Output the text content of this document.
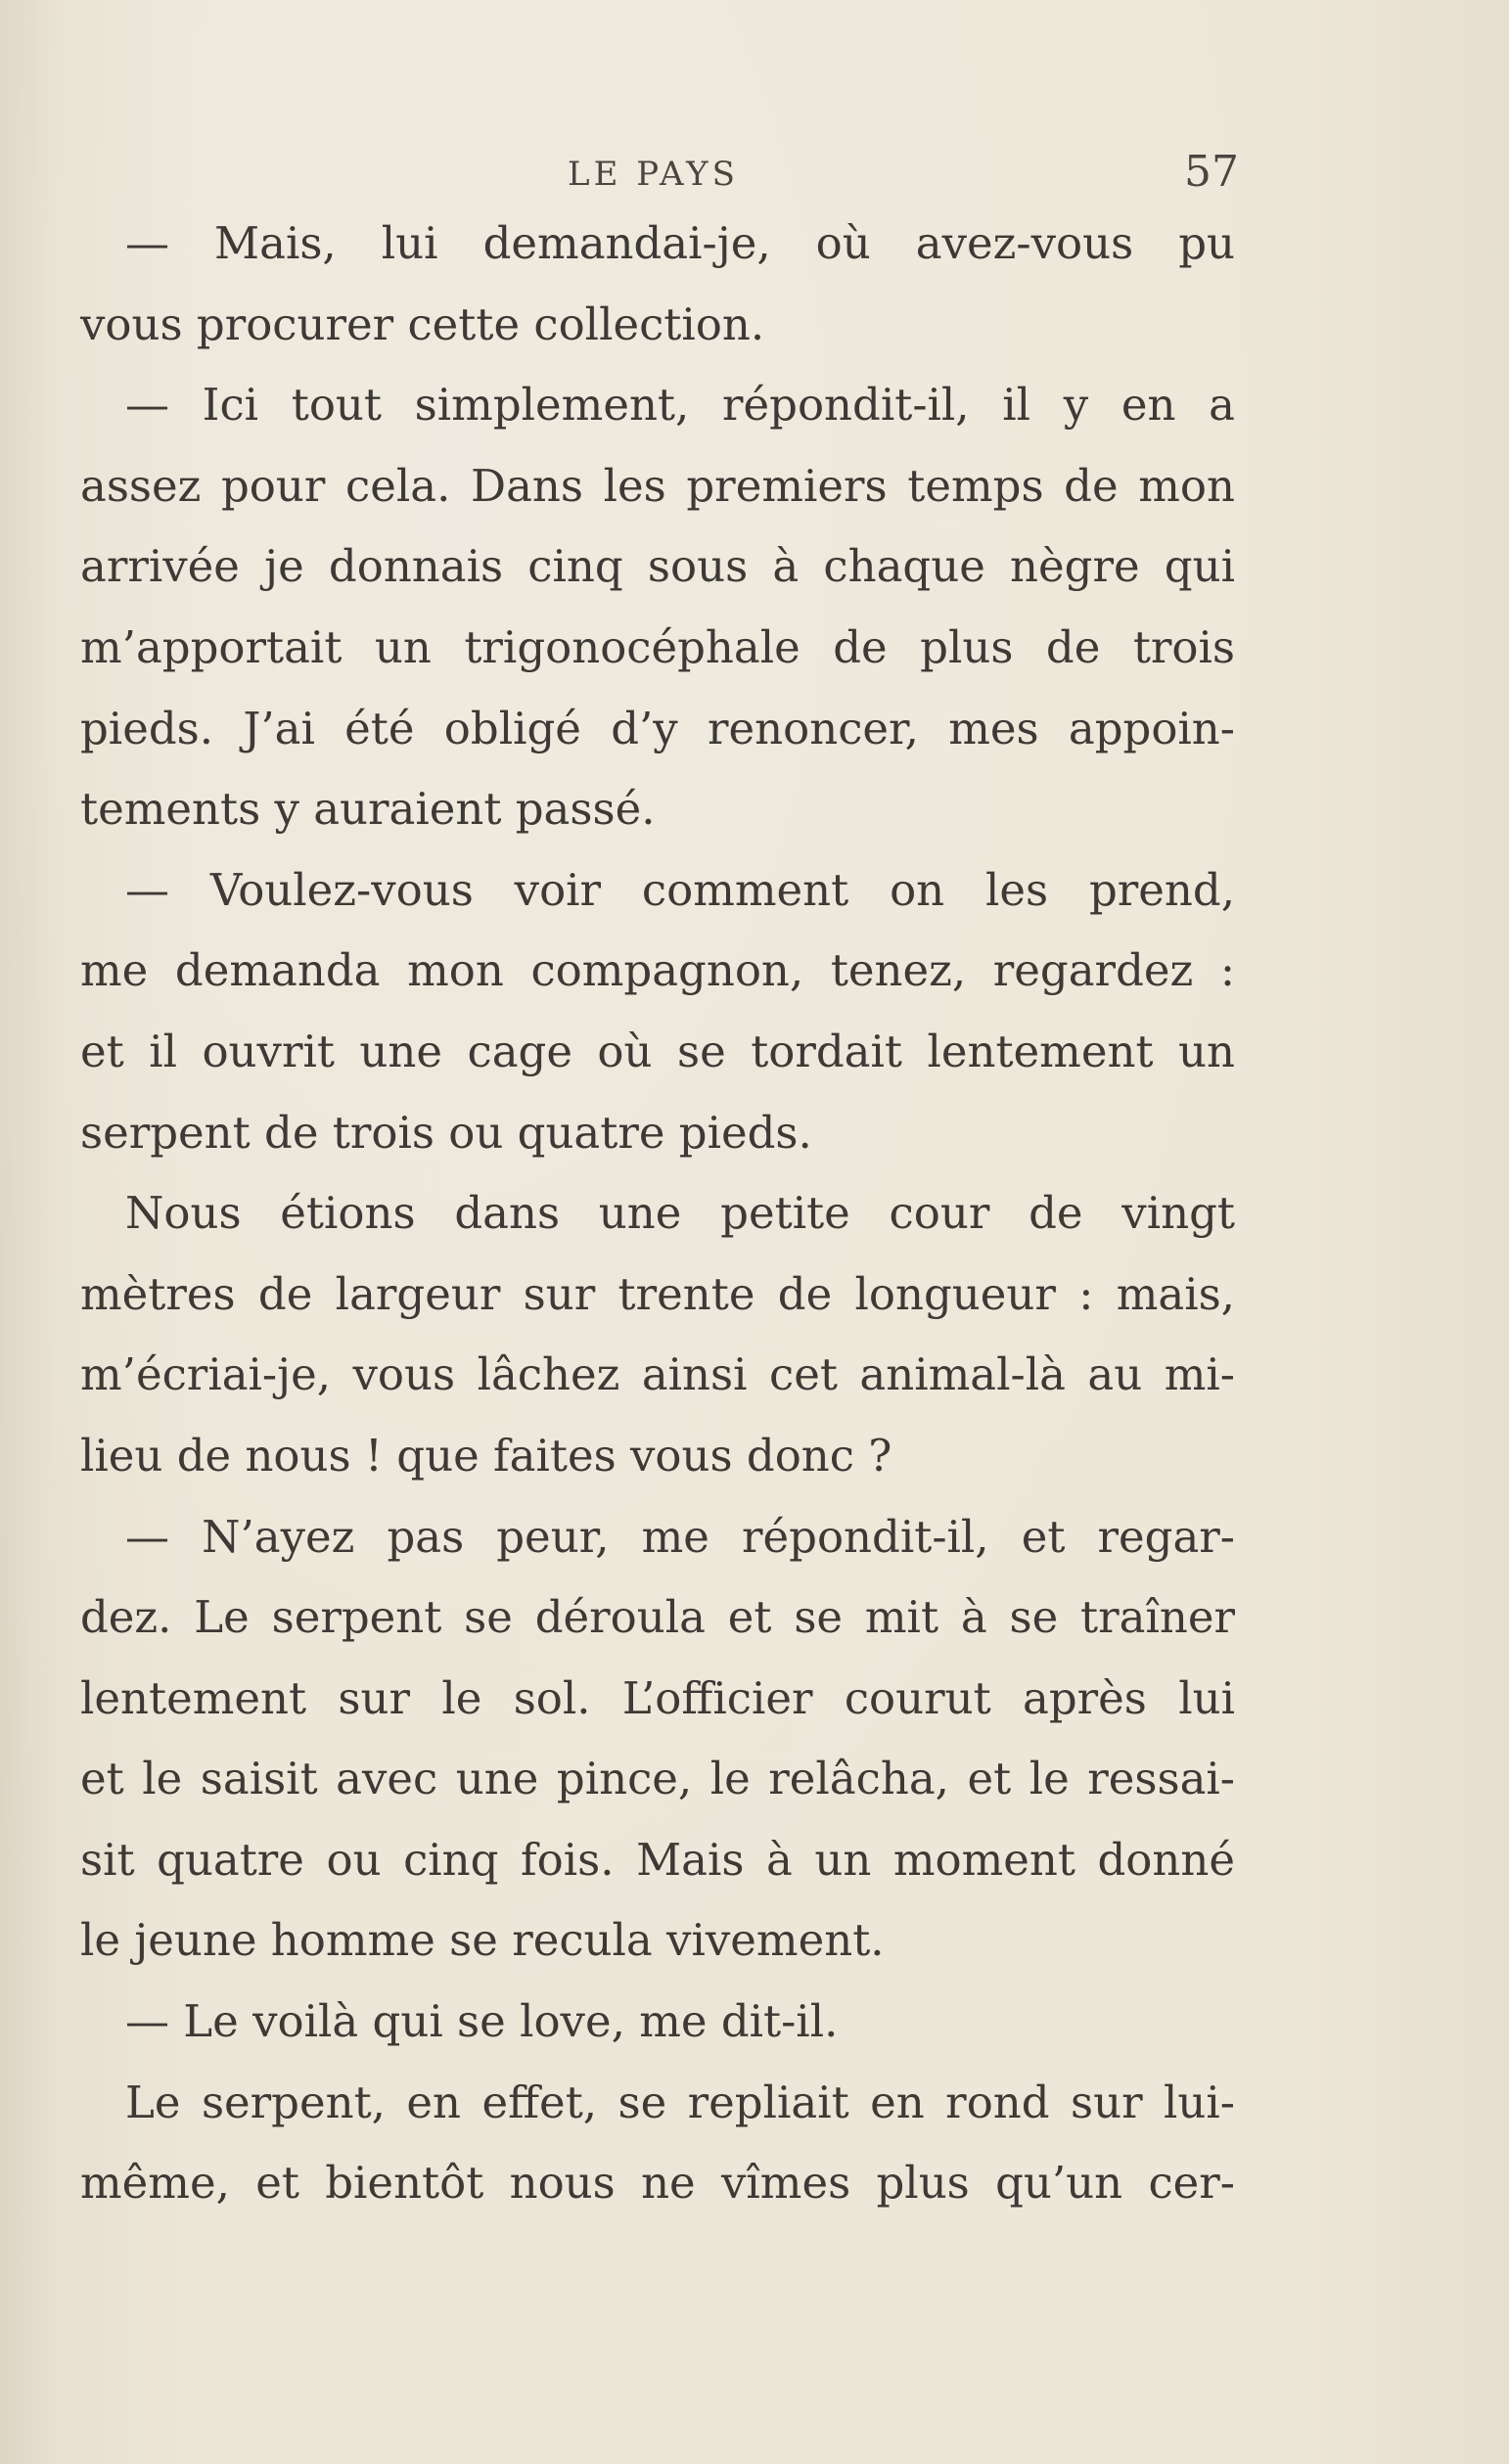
LE PAYS	57
— Mais, lui demandai-je, où avez-vous pu
vous procurer cette collection.
— Ici tout simplement, répondit-il, il y en a
assez pour cela. Dans les premiers temps de mon
arrivée je donnais cinq sous à chaque nègre qui
m’apportait un trigonocéphale de plus de trois
pieds. J’ai été obligé d’y renoncer, mes appoin-
tements y auraient passé.
— Voulez-vous voir comment on les prend,
me demanda mon compagnon, tenez, regardez :
et il ouvrit une cage où se tordait lentement un
serpent de trois ou quatre pieds.
Nous étions dans une petite cour de vingt
mètres de largeur sur trente de longueur : mais,
m’écriai-je, vous lâchez ainsi cet animal-là au mi-
lieu de nous ! que faites vous donc ?
— N’ayez pas peur, me répondit-il, et regar-
dez. Le serpent se déroula et se mit à se traîner
lentement sur le sol. L’officier courut après lui
et le saisit avec une pince, le relâcha, et le ressai-
sit quatre ou cinq fois. Mais à un moment donné
le jeune homme se recula vivement.
— Le voilà qui se love, me dit-il.
Le serpent, en effet, se repliait en rond sur lui-
même, et bientôt nous ne vîmes plus qu’un cer-
